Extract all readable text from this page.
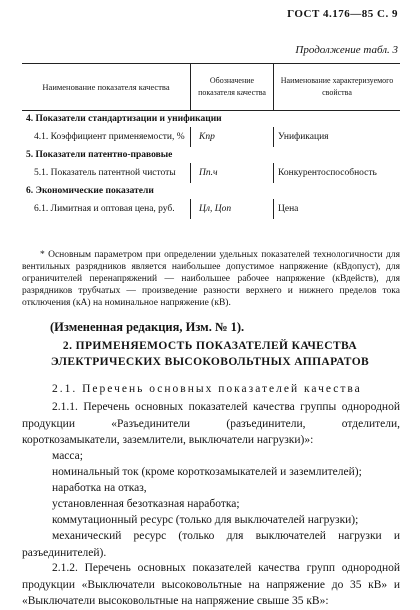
ГОСТ 4.176—85 С. 9
Продолжение табл. 3
Наименование показателя качества	Обозначение показателя качества	Наименование характеризуемого свойства
4. Показатели стандартизации и унификации		
4.1. Коэффициент применяемости, %	Kпр	Унификация
5. Показатели патентно-правовые		
5.1. Показатель патентной чистоты	Пп.ч	Конкурентоспособность
6. Экономические показатели		
6.1. Лимитная и оптовая цена, руб.	Цл, Цоп	Цена
* Основным параметром при определении удельных показателей технологичности для вентильных разрядников является наибольшее допустимое напряжение (кВдопуст), для ограничителей перенапряжений — наибольшее рабочее напряжение (кВдейств), для разрядников трубчатых — произведение разности верхнего и нижнего пределов тока отключения (кА) на номинальное напряжение (кВ).
(Измененная редакция, Изм. № 1).
2. ПРИМЕНЯЕМОСТЬ ПОКАЗАТЕЛЕЙ КАЧЕСТВА
ЭЛЕКТРИЧЕСКИХ ВЫСОКОВОЛЬТНЫХ АППАРАТОВ
2.1. Перечень основных показателей качества
2.1.1. Перечень основных показателей качества группы однородной продукции «Разъединители (разъединители, отделители, короткозамыкатели, заземлители, выключатели нагрузки)»:
масса;
номинальный ток (кроме короткозамыкателей и заземлителей);
наработка на отказ,
установленная безотказная наработка;
коммутационный ресурс (только для выключателей нагрузки);
механический ресурс (только для выключателей нагрузки и разъединителей).
2.1.2. Перечень основных показателей качества групп однородной продукции «Выключатели высоковольтные на напряжение до 35 кВ» и «Выключатели высоковольтные на напряжение свыше 35 кВ»:
